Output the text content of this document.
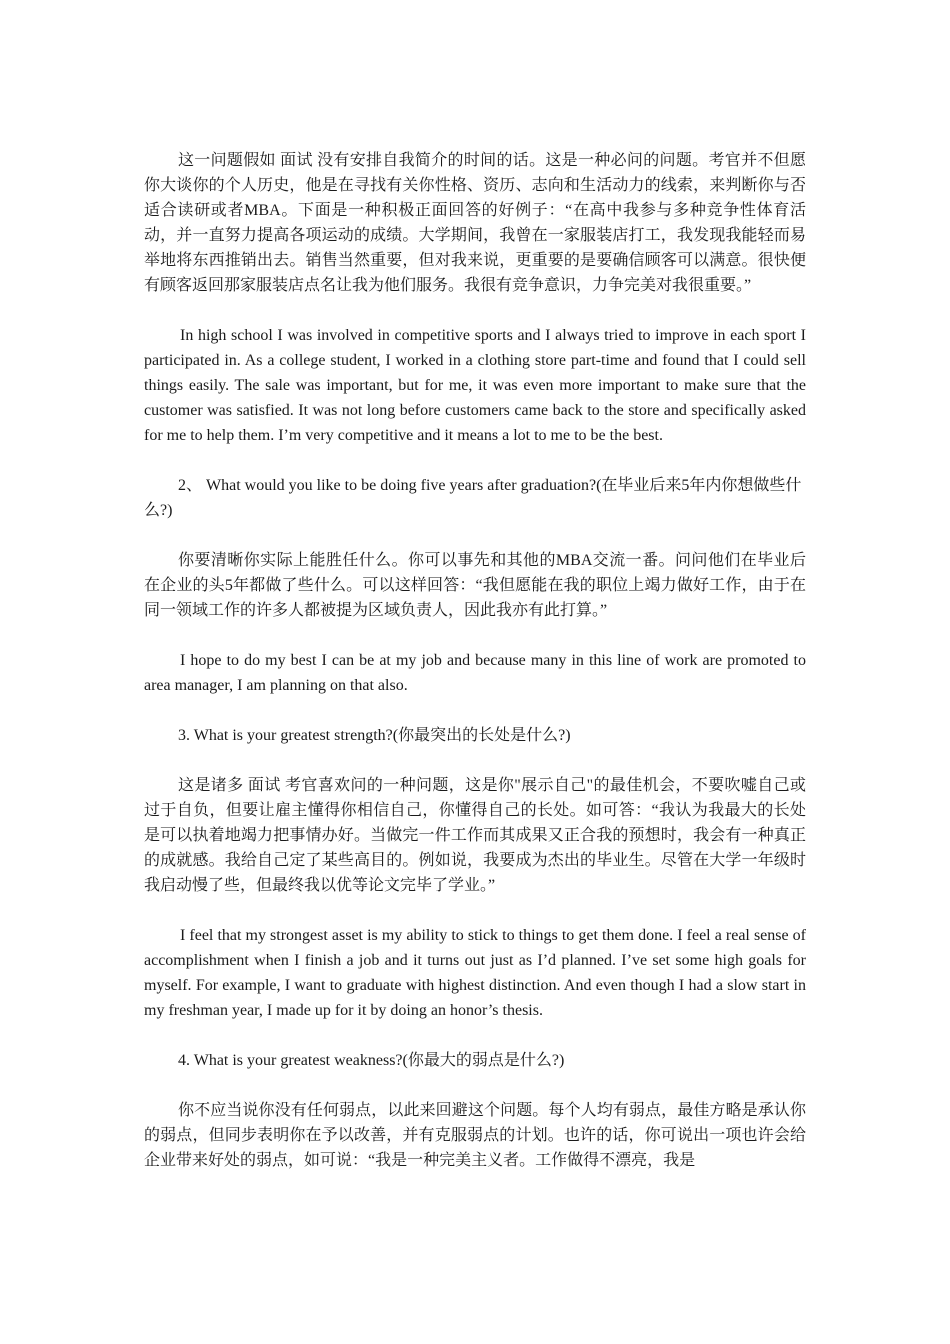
这一问题假如 面试 没有安排自我简介的时间的话。这是一种必问的问题。考官并不但愿你大谈你的个人历史，他是在寻找有关你性格、资历、志向和生活动力的线索，来判断你与否适合读研或者MBA。下面是一种积极正面回答的好例子：“在高中我参与多种竞争性体育活动，并一直努力提高各项运动的成绩。大学期间，我曾在一家服装店打工，我发现我能轻而易举地将东西推销出去。销售当然重要，但对我来说，更重要的是要确信顾客可以满意。很快便有顾客返回那家服装店点名让我为他们服务。我很有竞争意识，力争完美对我很重要。”

In high school I was involved in competitive sports and I always tried to improve in each sport I participated in. As a college student, I worked in a clothing store part-time and found that I could sell things easily. The sale was important, but for me, it was even more important to make sure that the customer was satisfied. It was not long before customers came back to the store and specifically asked for me to help them. I’m very competitive and it means a lot to me to be the best.

2、 What would you like to be doing five years after graduation?(在毕业后来5年内你想做些什么?)

你要清晰你实际上能胜任什么。你可以事先和其他的MBA交流一番。问问他们在毕业后在企业的头5年都做了些什么。可以这样回答：“我但愿能在我的职位上竭力做好工作，由于在同一领域工作的许多人都被提为区域负责人，因此我亦有此打算。”

I hope to do my best I can be at my job and because many in this line of work are promoted to area manager, I am planning on that also.

3. What is your greatest strength?(你最突出的长处是什么?)

这是诸多 面试 考官喜欢问的一种问题，这是你"展示自己"的最佳机会，不要吹嘘自己或过于自负，但要让雇主懂得你相信自己，你懂得自己的长处。如可答：“我认为我最大的长处是可以执着地竭力把事情办好。当做完一件工作而其成果又正合我的预想时，我会有一种真正的成就感。我给自己定了某些高目的。例如说，我要成为杰出的毕业生。尽管在大学一年级时我启动慢了些，但最终我以优等论文完毕了学业。”

I feel that my strongest asset is my ability to stick to things to get them done. I feel a real sense of accomplishment when I finish a job and it turns out just as I’d planned. I’ve set some high goals for myself. For example, I want to graduate with highest distinction. And even though I had a slow start in my freshman year, I made up for it by doing an honor’s thesis.

4. What is your greatest weakness?(你最大的弱点是什么?)

你不应当说你没有任何弱点，以此来回避这个问题。每个人均有弱点，最佳方略是承认你的弱点，但同步表明你在予以改善，并有克服弱点的计划。也许的话，你可说出一项也许会给企业带来好处的弱点，如可说：“我是一种完美主义者。工作做得不漂亮，我是
